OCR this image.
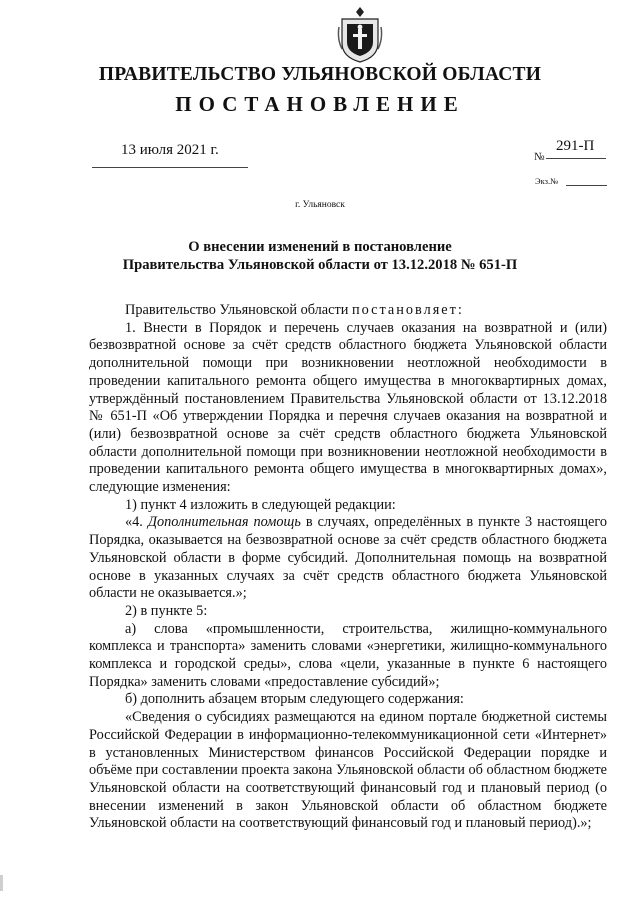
ПРАВИТЕЛЬСТВО УЛЬЯНОВСКОЙ ОБЛАСТИ
ПОСТАНОВЛЕНИЕ
13 июля 2021 г.	№
291-П
Экз.№
г. Ульяновск
О внесении изменений в постановление
Правительства Ульяновской области от 13.12.2018 № 651-П

Правительство Ульяновской области постановляет:

1. Внести в Порядок и перечень случаев оказания на возвратной и (или) безвозвратной основе за счёт средств областного бюджета Ульяновской области дополнительной помощи при возникновении неотложной необходимости в проведении капитального ремонта общего имущества в многоквартирных домах, утверждённый постановлением Правительства Ульяновской области от 13.12.2018 № 651-П «Об утверждении Порядка и перечня случаев оказания на возвратной и (или) безвозвратной основе за счёт средств областного бюджета Ульяновской области дополнительной помощи при возникновении неотложной необходимости в проведении капитального ремонта общего имущества в многоквартирных домах», следующие изменения:

1) пункт 4 изложить в следующей редакции:

«4. Дополнительная помощь в случаях, определённых в пункте 3 настоящего Порядка, оказывается на безвозвратной основе за счёт средств областного бюджета Ульяновской области в форме субсидий. Дополнительная помощь на возвратной основе в указанных случаях за счёт средств областного бюджета Ульяновской области не оказывается.»;

2) в пункте 5:

а) слова «промышленности, строительства, жилищно-коммунального комплекса и транспорта» заменить словами «энергетики, жилищно-коммунального комплекса и городской среды», слова «цели, указанные в пункте 6 настоящего Порядка» заменить словами «предоставление субсидий»;

б) дополнить абзацем вторым следующего содержания:

«Сведения о субсидиях размещаются на едином портале бюджетной системы Российской Федерации в информационно-телекоммуникационной сети «Интернет» в установленных Министерством финансов Российской Федерации порядке и объёме при составлении проекта закона Ульяновской области об областном бюджете Ульяновской области на соответствующий финансовый год и плановый период (о внесении изменений в закон Ульяновской области об областном бюджете Ульяновской области на соответствующий финансовый год и плановый период).»;
